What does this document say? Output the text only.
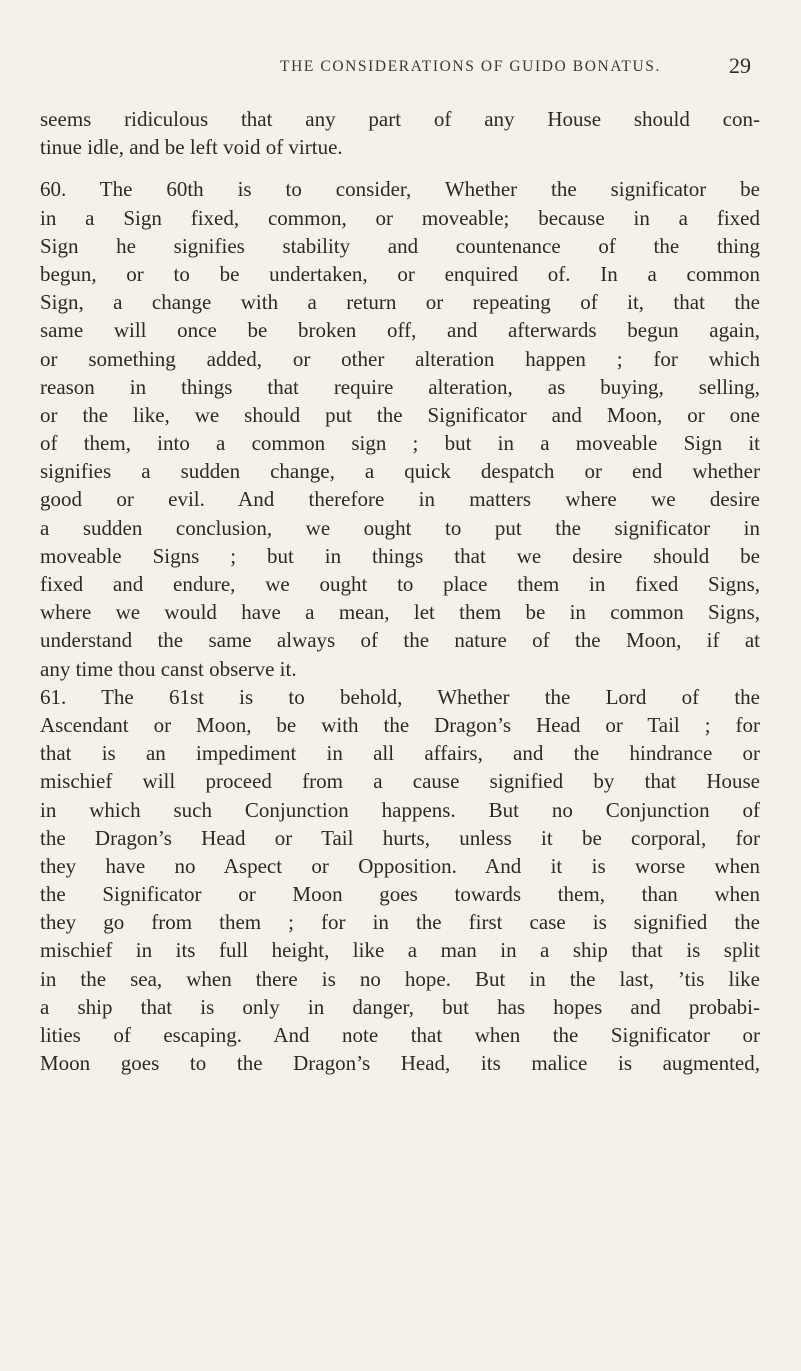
THE CONSIDERATIONS OF GUIDO BONATUS.	29
seems ridiculous that any part of any House should con-
tinue idle, and be left void of virtue.
60. The 60th is to consider, Whether the significator be
in a Sign fixed, common, or moveable; because in a fixed
Sign he signifies stability and countenance of the thing
begun, or to be undertaken, or enquired of. In a common
Sign, a change with a return or repeating of it, that the
same will once be broken off, and afterwards begun again,
or something added, or other alteration happen ; for which
reason in things that require alteration, as buying, selling,
or the like, we should put the Significator and Moon, or one
of them, into a common sign ; but in a moveable Sign it
signifies a sudden change, a quick despatch or end whether
good or evil. And therefore in matters where we desire
a sudden conclusion, we ought to put the significator in
moveable Signs ; but in things that we desire should be
fixed and endure, we ought to place them in fixed Signs,
where we would have a mean, let them be in common Signs,
understand the same always of the nature of the Moon, if at
any time thou canst observe it.
61. The 61st is to behold, Whether the Lord of the
Ascendant or Moon, be with the Dragon’s Head or Tail ; for
that is an impediment in all affairs, and the hindrance or
mischief will proceed from a cause signified by that House
in which such Conjunction happens. But no Conjunction of
the Dragon’s Head or Tail hurts, unless it be corporal, for
they have no Aspect or Opposition. And it is worse when
the Significator or Moon goes towards them, than when
they go from them ; for in the first case is signified the
mischief in its full height, like a man in a ship that is split
in the sea, when there is no hope. But in the last, ’tis like
a ship that is only in danger, but has hopes and probabi-
lities of escaping. And note that when the Significator or
Moon goes to the Dragon’s Head, its malice is augmented,
